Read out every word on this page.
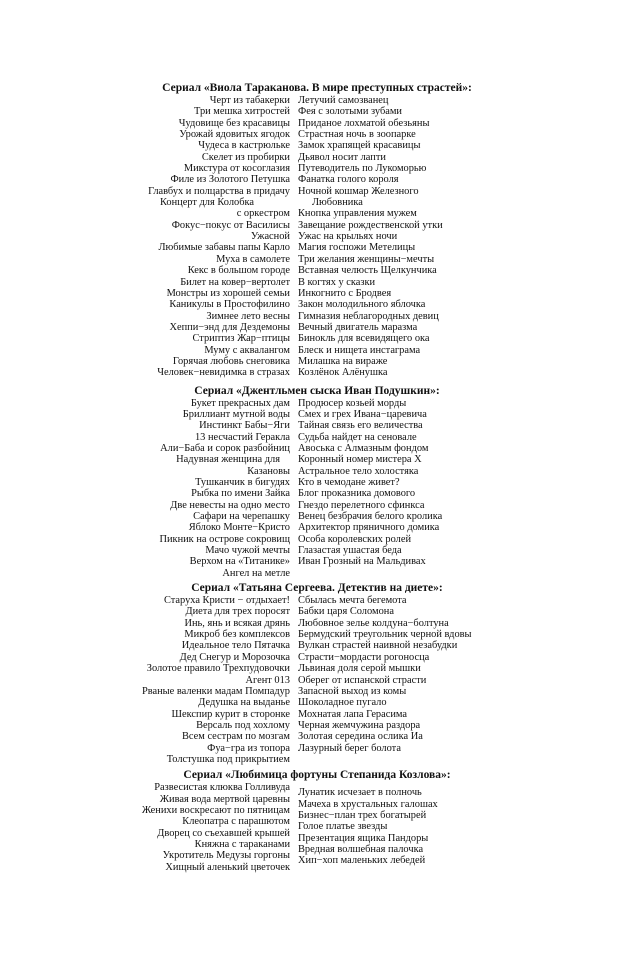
Сериал «Виола Тараканова. В мире преступных страстей»:
Черт из табакерки
Три мешка хитростей
Чудовище без красавицы
Урожай ядовитых ягодок
Чудеса в кастрюльке
Скелет из пробирки
Микстура от косоглазия
Филе из Золотого Петушка
Главбух и полцарства в придачу
Концерт для Колобка
с оркестром
Фокус−покус от Василисы
Ужасной
Любимые забавы папы Карло
Муха в самолете
Кекс в большом городе
Билет на ковер−вертолет
Монстры из хорошей семьи
Каникулы в Простофилино
Зимнее лето весны
Хеппи−энд для Дездемоны
Стриптиз Жар−птицы
Муму с аквалангом
Горячая любовь снеговика
Человек−невидимка в стразах
Летучий самозванец
Фея с золотыми зубами
Приданое лохматой обезьяны
Страстная ночь в зоопарке
Замок храпящей красавицы
Дьявол носит лапти
Путеводитель по Лукоморью
Фанатка голого короля
Ночной кошмар Железного
Любовника
Кнопка управления мужем
Завещание рождественской утки
Ужас на крыльях ночи
Магия госпожи Метелицы
Три желания женщины−мечты
Вставная челюсть Щелкунчика
В когтях у сказки
Инкогнито с Бродвея
Закон молодильного яблочка
Гимназия неблагородных девиц
Вечный двигатель маразма
Бинокль для всевидящего ока
Блеск и нищета инстаграма
Милашка на вираже
Козлёнок Алёнушка
Сериал «Джентльмен сыска Иван Подушкин»:
Букет прекрасных дам
Бриллиант мутной воды
Инстинкт Бабы−Яги
13 несчастий Геракла
Али−Баба и сорок разбойниц
Надувная женщина для
Казановы
Тушканчик в бигудях
Рыбка по имени Зайка
Две невесты на одно место
Сафари на черепашку
Яблоко Монте−Кристо
Пикник на острове сокровищ
Мачо чужой мечты
Верхом на «Титанике»
Ангел на метле
Продюсер козьей морды
Смех и грех Ивана−царевича
Тайная связь его величества
Судьба найдет на сеновале
Авоська с Алмазным фондом
Коронный номер мистера Х
Астральное тело холостяка
Кто в чемодане живет?
Блог проказника домового
Гнездо перелетного сфинкса
Венец безбрачия белого кролика
Архитектор пряничного домика
Особа королевских ролей
Глазастая ушастая беда
Иван Грозный на Мальдивах
Сериал «Татьяна Сергеева. Детектив на диете»:
Старуха Кристи − отдыхает!
Диета для трех поросят
Инь, янь и всякая дрянь
Микроб без комплексов
Идеальное тело Пятачка
Дед Снегур и Морозочка
Золотое правило Трехпудовочки
Агент 013
Рваные валенки мадам Помпадур
Дедушка на выданье
Шекспир курит в сторонке
Версаль под хохлому
Всем сестрам по мозгам
Фуа−гра из топора
Толстушка под прикрытием
Сбылась мечта бегемота
Бабки царя Соломона
Любовное зелье колдуна−болтуна
Бермудский треугольник черной вдовы
Вулкан страстей наивной незабудки
Страсти−мордасти рогоносца
Львиная доля серой мышки
Оберег от испанской страсти
Запасной выход из комы
Шоколадное пугало
Мохнатая лапа Герасима
Черная жемчужина раздора
Золотая середина ослика Иа
Лазурный берег болота
Сериал «Любимица фортуны Степанида Козлова»:
Развесистая клюква Голливуда
Живая вода мертвой царевны
Женихи воскресают по пятницам
Клеопатра с парашютом
Дворец со съехавшей крышей
Княжна с тараканами
Укротитель Медузы горгоны
Хищный аленький цветочек
Лунатик исчезает в полночь
Мачеха в хрустальных галошах
Бизнес−план трех богатырей
Голое платье звезды
Презентация ящика Пандоры
Вредная волшебная палочка
Хип−хоп маленьких лебедей
